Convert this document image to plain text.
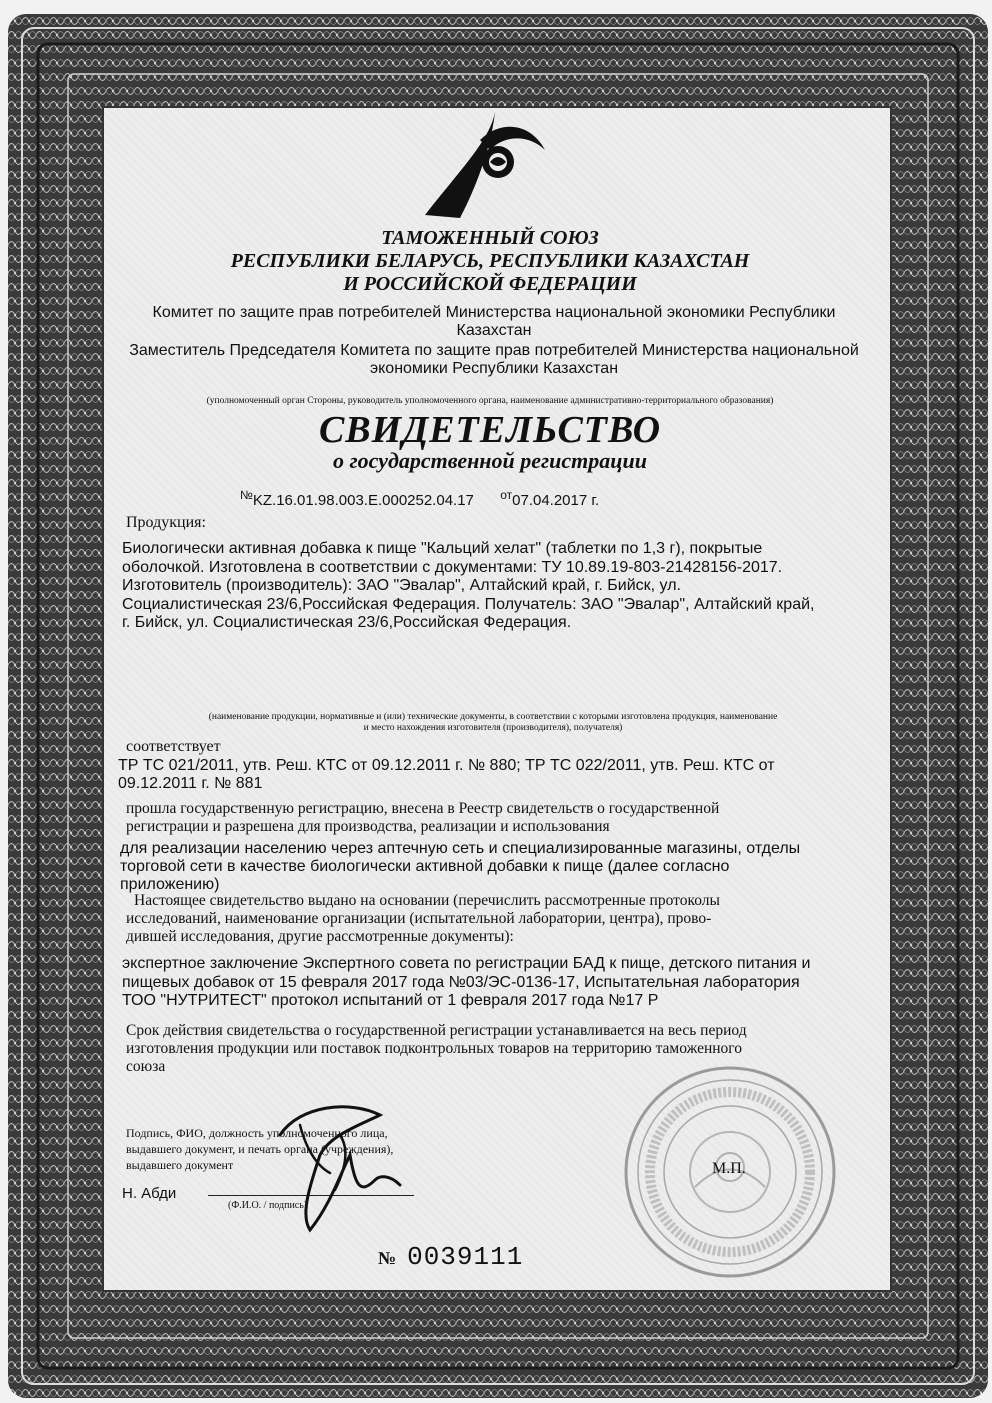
ТАМОЖЕННЫЙ СОЮЗ
РЕСПУБЛИКИ БЕЛАРУСЬ, РЕСПУБЛИКИ КАЗАХСТАН
И РОССИЙСКОЙ ФЕДЕРАЦИИ
Комитет по защите прав потребителей Министерства национальной экономики Республики
Казахстан
Заместитель Председателя Комитета по защите прав потребителей Министерства национальной
экономики Республики Казахстан
(уполномоченный орган Стороны, руководитель уполномоченного органа, наименование административно-территориального образования)
СВИДЕТЕЛЬСТВО
о государственной регистрации
№KZ.16.01.98.003.E.000252.04.17 $^{от}$07.04.2017 г.
Продукция:
Биологически активная добавка к пище "Кальций хелат" (таблетки по 1,3 г), покрытые
оболочкой. Изготовлена в соответствии с документами: ТУ 10.89.19-803-21428156-2017.
Изготовитель (производитель): ЗАО "Эвалар", Алтайский край, г. Бийск, ул.
Социалистическая 23/6,Российская Федерация. Получатель: ЗАО "Эвалар", Алтайский край,
г. Бийск, ул. Социалистическая 23/6,Российская Федерация.
(наименование продукции, нормативные и (или) технические документы, в соответствии с которыми изготовлена продукция, наименование
и место нахождения изготовителя (производителя), получателя)
соответствует
ТР ТС 021/2011, утв. Реш. КТС от 09.12.2011 г. № 880; ТР ТС 022/2011, утв. Реш. КТС от
09.12.2011 г. № 881
прошла государственную регистрацию, внесена в Реестр свидетельств о государственной
регистрации и разрешена для производства, реализации и использования
для реализации населению через аптечную сеть и специализированные магазины, отделы
торговой сети в качестве биологически активной добавки к пище (далее согласно
приложению)
Настоящее свидетельство выдано на основании (перечислить рассмотренные протоколы
исследований, наименование организации (испытательной лаборатории, центра), прово-
дившей исследования, другие рассмотренные документы):
экспертное заключение Экспертного совета по регистрации БАД к пище, детского питания и
пищевых добавок от 15 февраля 2017 года №03/ЭС-0136-17, Испытательная лаборатория
ТОО "НУТРИТЕСТ" протокол испытаний от 1 февраля 2017 года №17 Р
Срок действия свидетельства о государственной регистрации устанавливается на весь период
изготовления продукции или поставок подконтрольных товаров на территорию таможенного
союза
М.П.
Подпись, ФИО, должность уполномоченного лица,
выдавшего документ, и печать органа (учреждения),
выдавшего документ
Н. Абди
(Ф.И.О. / подпись)
№ 0039111
